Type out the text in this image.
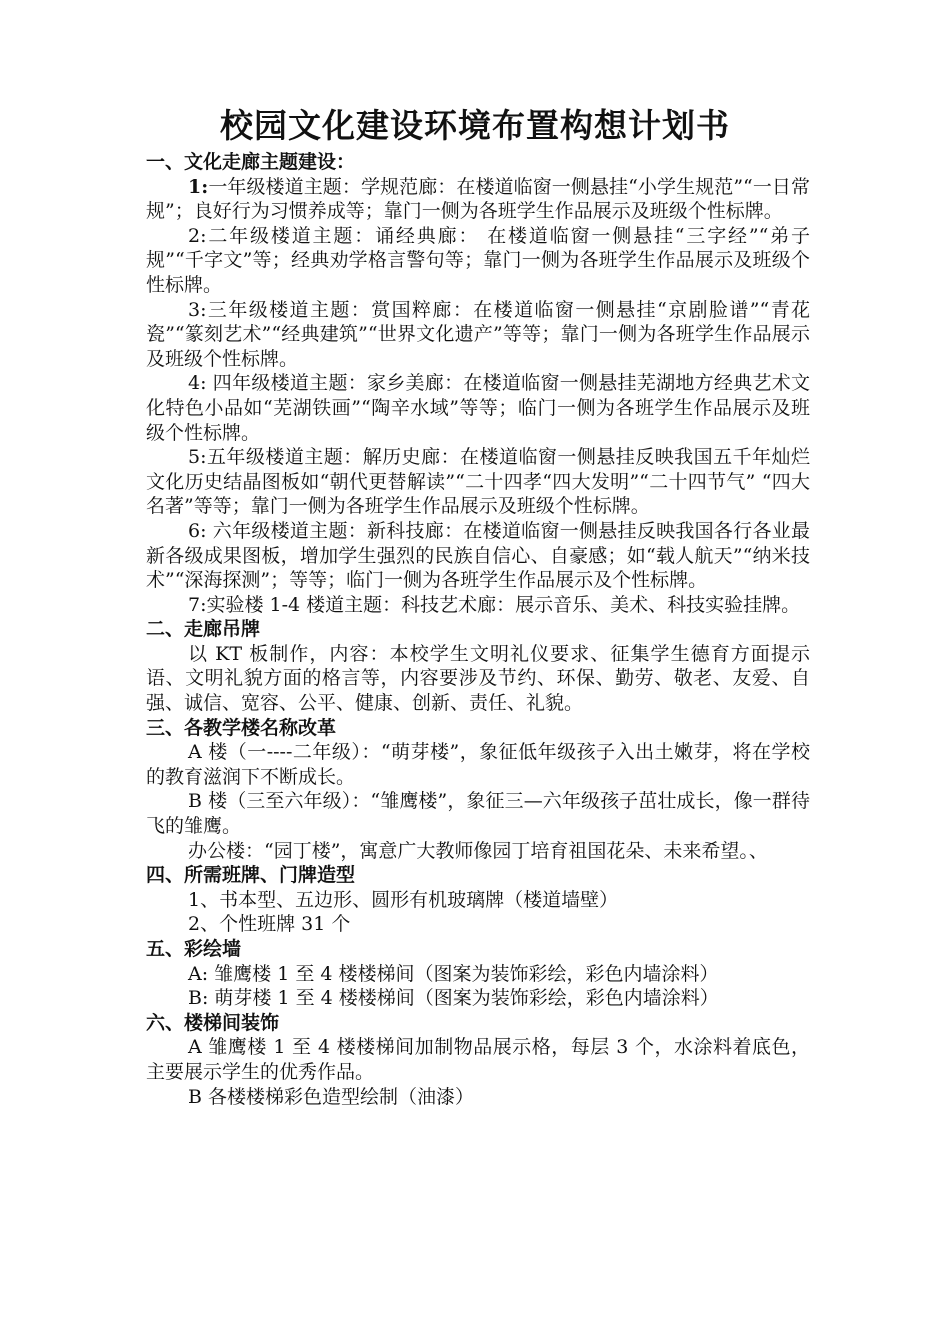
校园文化建设环境布置构想计划书
一、文化走廊主题建设：
1:一年级楼道主题：学规范廊：在楼道临窗一侧悬挂“小学生规范”“一日常规”；良好行为习惯养成等；靠门一侧为各班学生作品展示及班级个性标牌。
2:二年级楼道主题：诵经典廊： 在楼道临窗一侧悬挂“三字经”“弟子规”“千字文”等；经典劝学格言警句等；靠门一侧为各班学生作品展示及班级个性标牌。
3:三年级楼道主题：赏国粹廊：在楼道临窗一侧悬挂“京剧脸谱”“青花瓷”“篆刻艺术”“经典建筑”“世界文化遗产”等等；靠门一侧为各班学生作品展示及班级个性标牌。
4: 四年级楼道主题：家乡美廊：在楼道临窗一侧悬挂芜湖地方经典艺术文化特色小品如“芜湖铁画”“陶辛水域”等等；临门一侧为各班学生作品展示及班级个性标牌。
5:五年级楼道主题：解历史廊：在楼道临窗一侧悬挂反映我国五千年灿烂文化历史结晶图板如“朝代更替解读”“二十四孝“四大发明”“二十四节气” “四大名著”等等；靠门一侧为各班学生作品展示及班级个性标牌。
6: 六年级楼道主题：新科技廊：在楼道临窗一侧悬挂反映我国各行各业最新各级成果图板，增加学生强烈的民族自信心、自豪感；如“载人航天”“纳米技术”“深海探测”；等等；临门一侧为各班学生作品展示及个性标牌。
7:实验楼 1-4 楼道主题：科技艺术廊：展示音乐、美术、科技实验挂牌。
二、走廊吊牌
以 KT 板制作，内容：本校学生文明礼仪要求、征集学生德育方面提示语、文明礼貌方面的格言等，内容要涉及节约、环保、勤劳、敬老、友爱、自强、诚信、宽容、公平、健康、创新、责任、礼貌。
三、各教学楼名称改革
A 楼（一----二年级）：“萌芽楼”，象征低年级孩子入出土嫩芽，将在学校的教育滋润下不断成长。
B 楼（三至六年级）：“雏鹰楼”，象征三—六年级孩子茁壮成长，像一群待飞的雏鹰。
办公楼：“园丁楼”，寓意广大教师像园丁培育祖国花朵、未来希望。、
四、所需班牌、门牌造型
1、书本型、五边形、圆形有机玻璃牌（楼道墙壁）
2、个性班牌 31 个
五、彩绘墙
A: 雏鹰楼 1 至 4 楼楼梯间（图案为装饰彩绘，彩色内墙涂料）
B: 萌芽楼 1 至 4 楼楼梯间（图案为装饰彩绘，彩色内墙涂料）
六、楼梯间装饰
A 雏鹰楼 1 至 4 楼楼梯间加制物品展示格，每层 3 个，水涂料着底色，主要展示学生的优秀作品。
B 各楼楼梯彩色造型绘制（油漆）
